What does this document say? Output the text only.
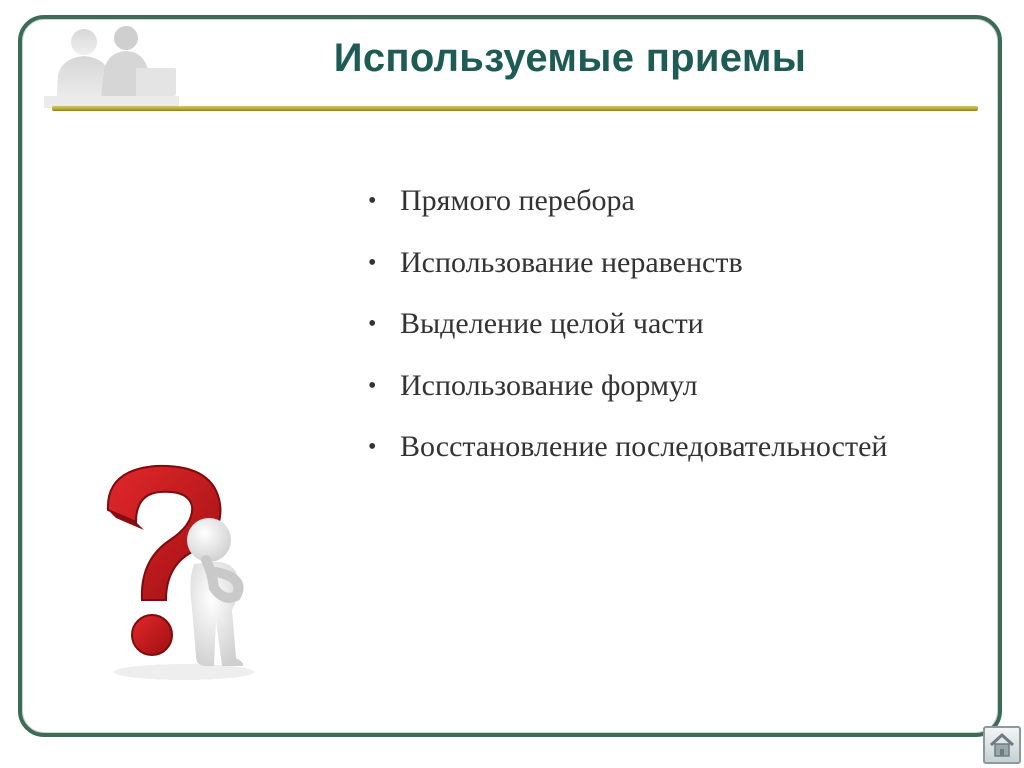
Используемые приемы
• Прямого перебора
• Использование неравенств
• Выделение целой части
• Использование формул
• Восстановление последовательностей
